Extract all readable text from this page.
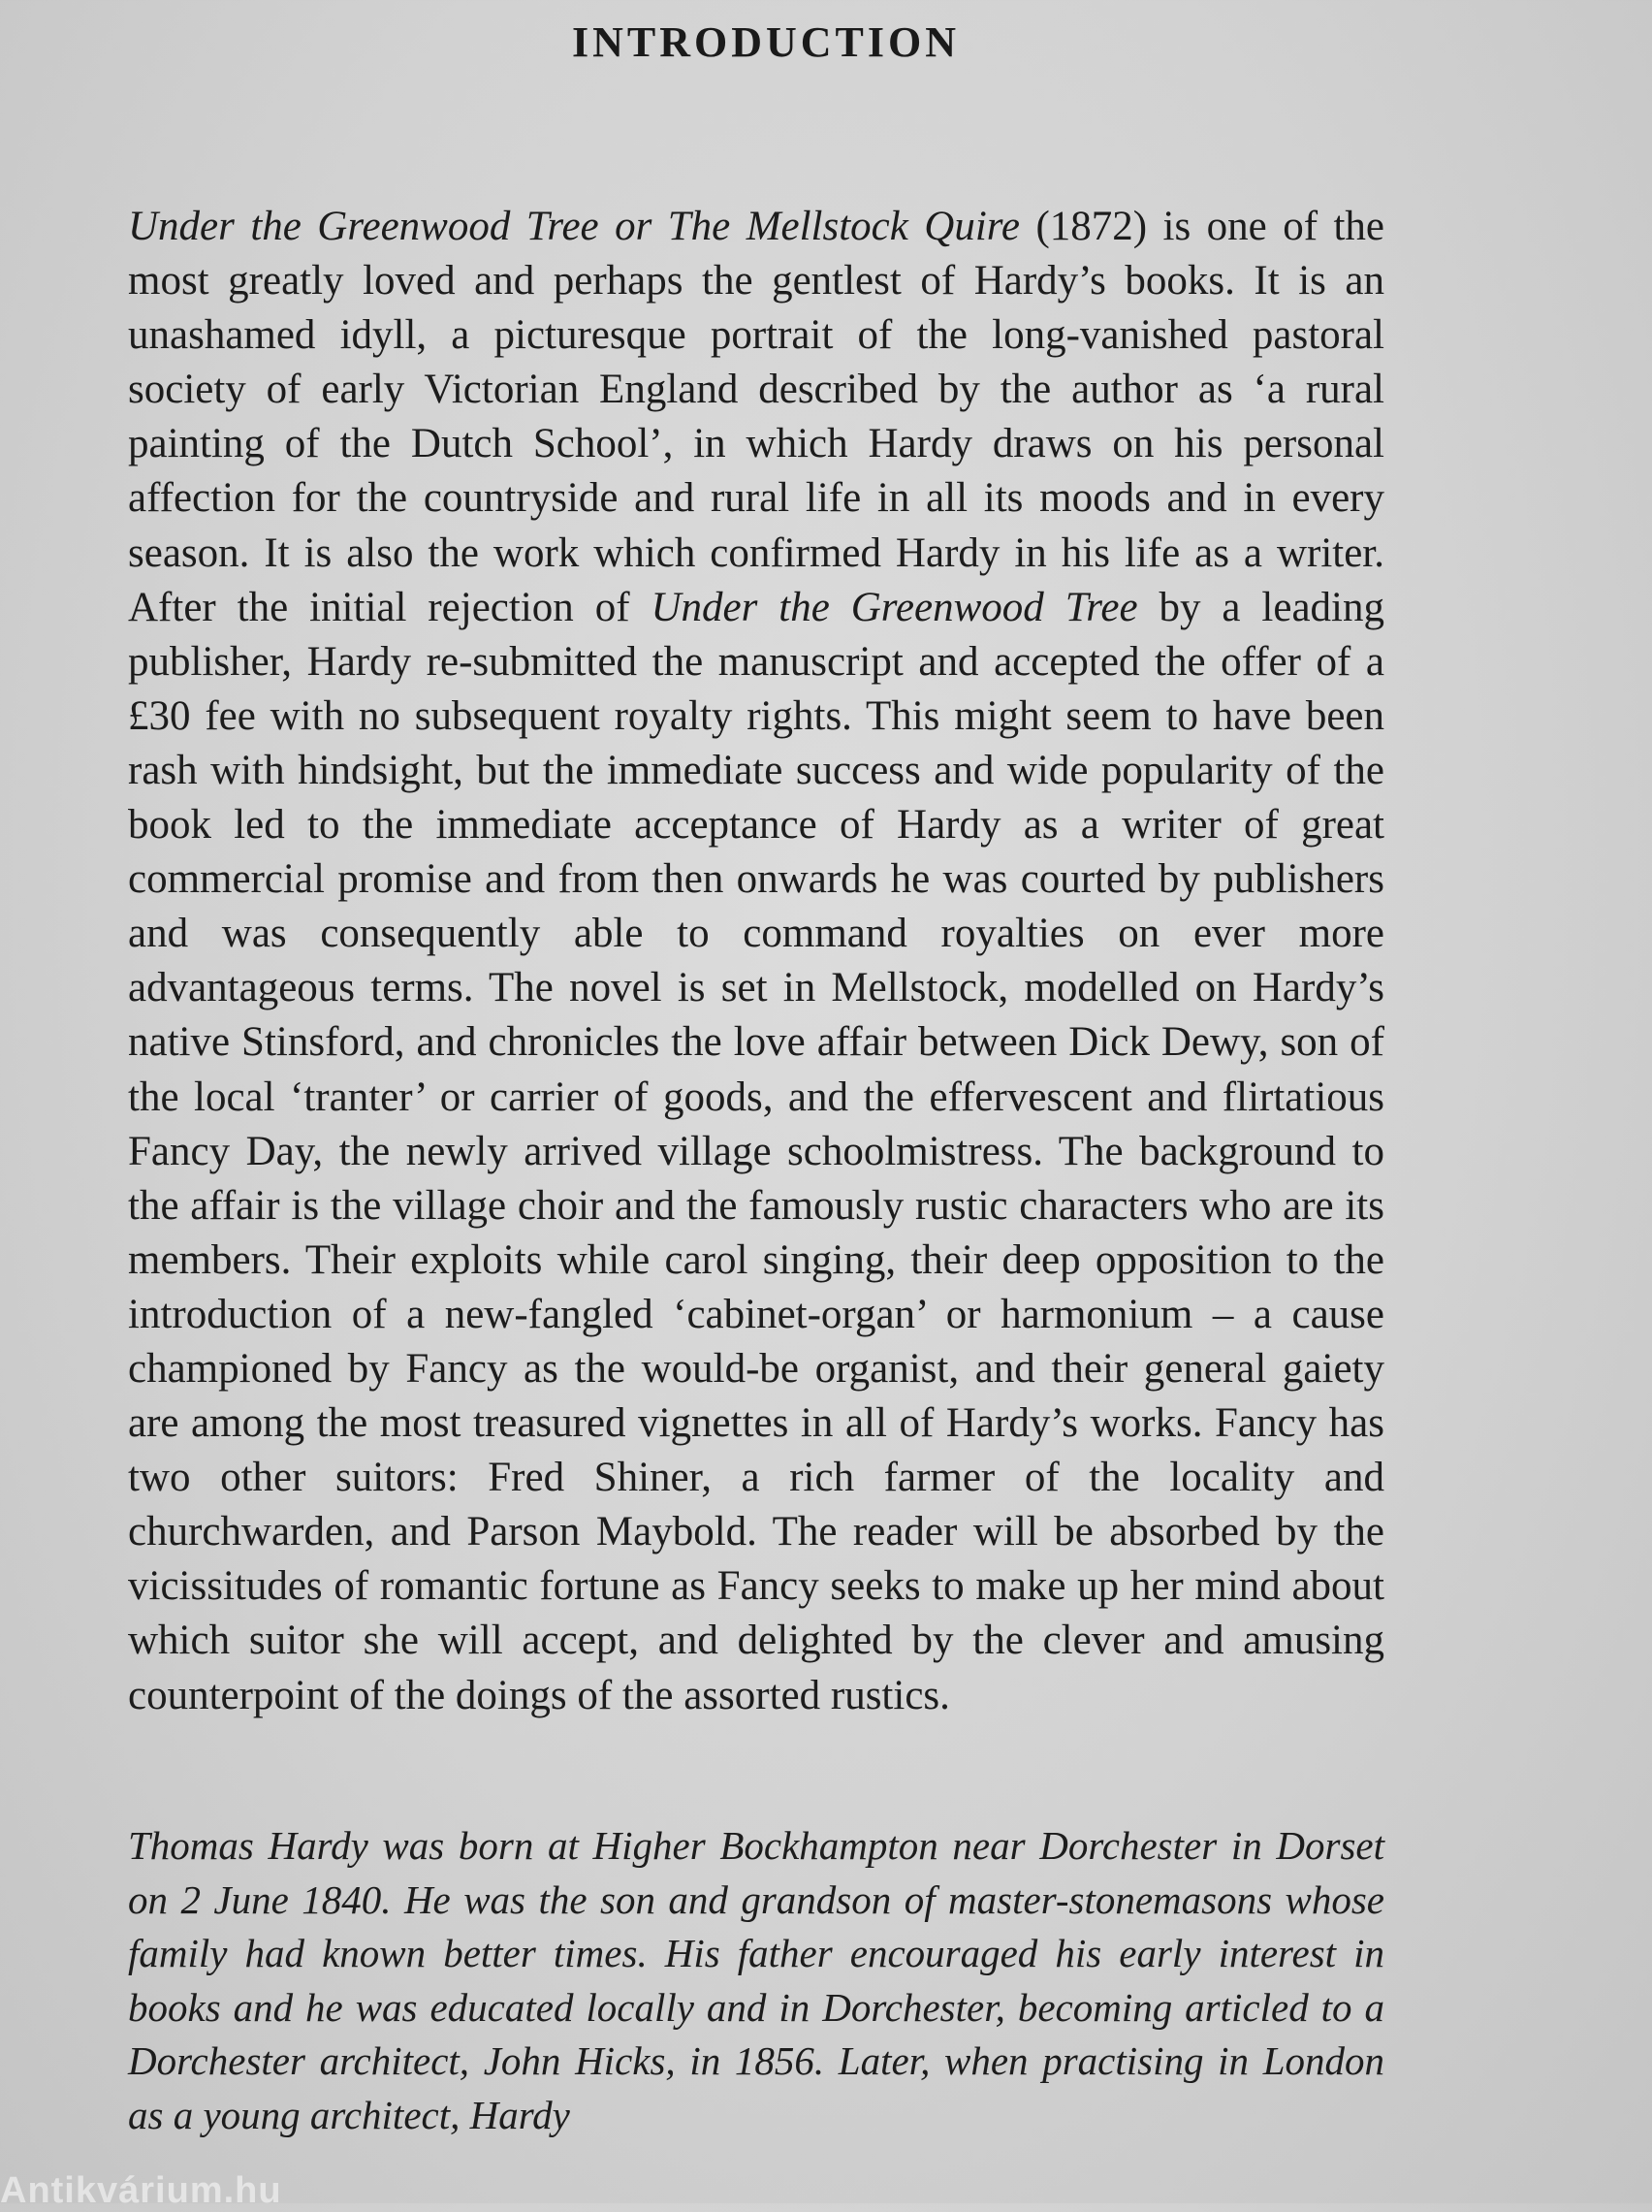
INTRODUCTION

Under the Greenwood Tree or The Mellstock Quire (1872) is one of the most greatly loved and perhaps the gentlest of Hardy’s books. It is an unashamed idyll, a picturesque portrait of the long-vanished pastoral society of early Victorian England described by the author as ‘a rural painting of the Dutch School’, in which Hardy draws on his personal affection for the countryside and rural life in all its moods and in every season. It is also the work which confirmed Hardy in his life as a writer. After the initial rejection of Under the Greenwood Tree by a leading publisher, Hardy re-submitted the manuscript and accepted the offer of a £30 fee with no subsequent royalty rights. This might seem to have been rash with hindsight, but the immediate success and wide popularity of the book led to the immediate acceptance of Hardy as a writer of great commercial promise and from then onwards he was courted by publishers and was consequently able to command royalties on ever more advantageous terms. The novel is set in Mellstock, modelled on Hardy’s native Stinsford, and chronicles the love affair between Dick Dewy, son of the local ‘tranter’ or carrier of goods, and the effervescent and flirtatious Fancy Day, the newly arrived village schoolmistress. The background to the affair is the village choir and the famously rustic characters who are its members. Their exploits while carol singing, their deep opposition to the introduction of a new-fangled ‘cabinet-organ’ or harmonium – a cause championed by Fancy as the would-be organist, and their general gaiety are among the most treasured vignettes in all of Hardy’s works. Fancy has two other suitors: Fred Shiner, a rich farmer of the locality and churchwarden, and Parson Maybold. The reader will be absorbed by the vicissitudes of romantic fortune as Fancy seeks to make up her mind about which suitor she will accept, and delighted by the clever and amusing counterpoint of the doings of the assorted rustics.

Thomas Hardy was born at Higher Bockhampton near Dorchester in Dorset on 2 June 1840. He was the son and grandson of master-stonemasons whose family had known better times. His father encouraged his early interest in books and he was educated locally and in Dorchester, becoming articled to a Dorchester architect, John Hicks, in 1856. Later, when practising in London as a young architect, Hardy

Antikvárium.hu
